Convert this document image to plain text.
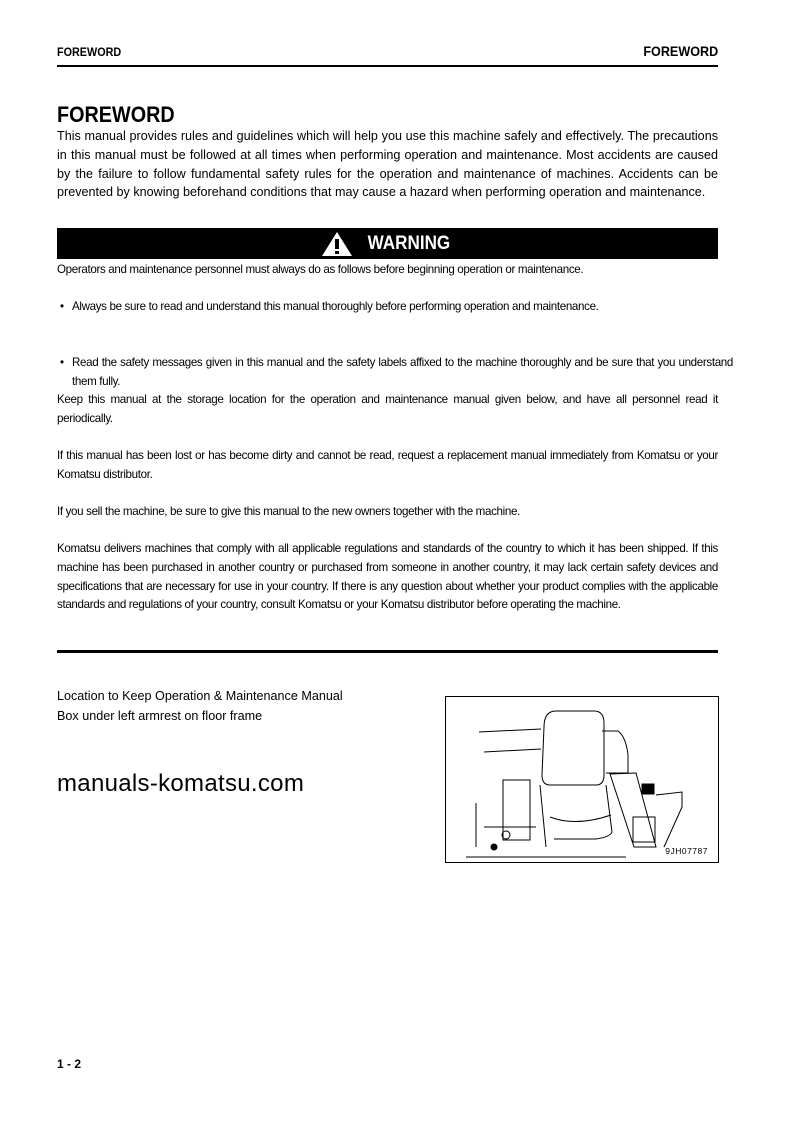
FOREWORD	FOREWORD
FOREWORD
This manual provides rules and guidelines which will help you use this machine safely and effectively. The precautions in this manual must be followed at all times when performing operation and maintenance. Most accidents are caused by the failure to follow fundamental safety rules for the operation and maintenance of machines. Accidents can be prevented by knowing beforehand conditions that may cause a hazard when performing operation and maintenance.
WARNING
Operators and maintenance personnel must always do as follows before beginning operation or maintenance.
• Always be sure to read and understand this manual thoroughly before performing operation and maintenance.
• Read the safety messages given in this manual and the safety labels affixed to the machine thoroughly and be sure that you understand them fully.
Keep this manual at the storage location for the operation and maintenance manual given below, and have all personnel read it periodically.
If this manual has been lost or has become dirty and cannot be read, request a replacement manual immediately from Komatsu or your Komatsu distributor.
If you sell the machine, be sure to give this manual to the new owners together with the machine.
Komatsu delivers machines that comply with all applicable regulations and standards of the country to which it has been shipped. If this machine has been purchased in another country or purchased from someone in another country, it may lack certain safety devices and specifications that are necessary for use in your country. If there is any question about whether your product complies with the applicable standards and regulations of your country, consult Komatsu or your Komatsu distributor before operating the machine.
Location to Keep Operation & Maintenance Manual
Box under left armrest on floor frame
manuals-komatsu.com
9JH07787
1 - 2
